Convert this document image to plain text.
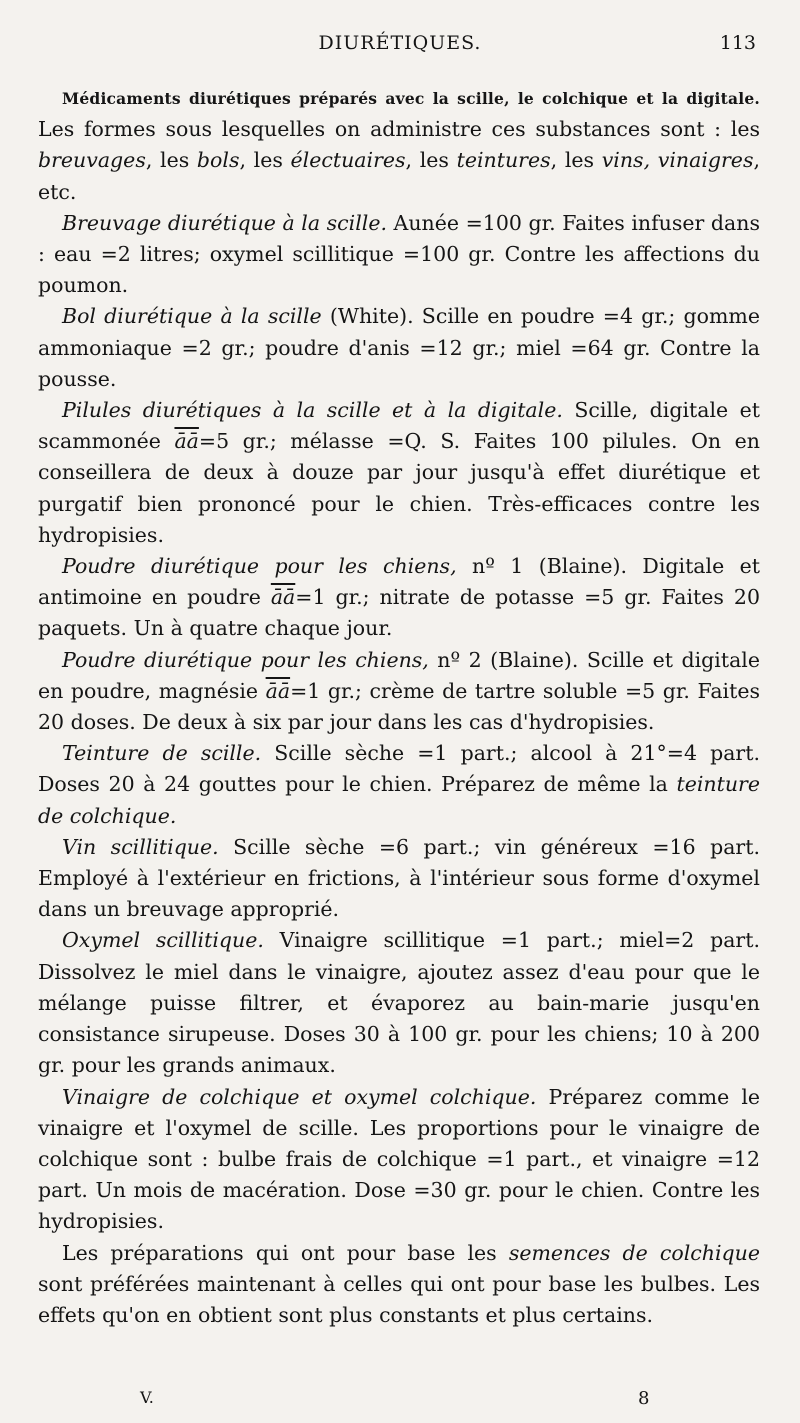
DIURÉTIQUES.	113

Médicaments diurétiques préparés avec la scille, le colchique et la digitale. Les formes sous lesquelles on administre ces substances sont : les breuvages, les bols, les électuaires, les teintures, les vins, vinaigres, etc.

Breuvage diurétique à la scille. Aunée =100 gr. Faites infuser dans : eau =2 litres; oxymel scillitique =100 gr. Contre les affections du poumon.

Bol diurétique à la scille (White). Scille en poudre =4 gr.; gomme ammoniaque =2 gr.; poudre d'anis =12 gr.; miel =64 gr. Contre la pousse.

Pilules diurétiques à la scille et à la digitale. Scille, digitale et scammonée $\overline{āā}=5$ gr.; mélasse =Q. S. Faites 100 pilules. On en conseillera de deux à douze par jour jusqu'à effet diurétique et purgatif bien prononcé pour le chien. Très-efficaces contre les hydropisies.

Poudre diurétique pour les chiens, nº 1 (Blaine). Digitale et antimoine en poudre $\overline{āā}=1$ gr.; nitrate de potasse =5 gr. Faites 20 paquets. Un à quatre chaque jour.

Poudre diurétique pour les chiens, nº 2 (Blaine). Scille et digitale en poudre, magnésie $\overline{āā}=1$ gr.; crème de tartre soluble =5 gr. Faites 20 doses. De deux à six par jour dans les cas d'hydropisies.

Teinture de scille. Scille sèche =1 part.; alcool à 21°=4 part. Doses 20 à 24 gouttes pour le chien. Préparez de même la teinture de colchique.

Vin scillitique. Scille sèche =6 part.; vin généreux =16 part. Employé à l'extérieur en frictions, à l'intérieur sous forme d'oxymel dans un breuvage approprié.

Oxymel scillitique. Vinaigre scillitique =1 part.; miel=2 part. Dissolvez le miel dans le vinaigre, ajoutez assez d'eau pour que le mélange puisse filtrer, et évaporez au bain-marie jusqu'en consistance sirupeuse. Doses 30 à 100 gr. pour les chiens; 10 à 200 gr. pour les grands animaux.

Vinaigre de colchique et oxymel colchique. Préparez comme le vinaigre et l'oxymel de scille. Les proportions pour le vinaigre de colchique sont : bulbe frais de colchique =1 part., et vinaigre =12 part. Un mois de macération. Dose =30 gr. pour le chien. Contre les hydropisies.

Les préparations qui ont pour base les semences de colchique sont préférées maintenant à celles qui ont pour base les bulbes. Les effets qu'on en obtient sont plus constants et plus certains.

V.	8
